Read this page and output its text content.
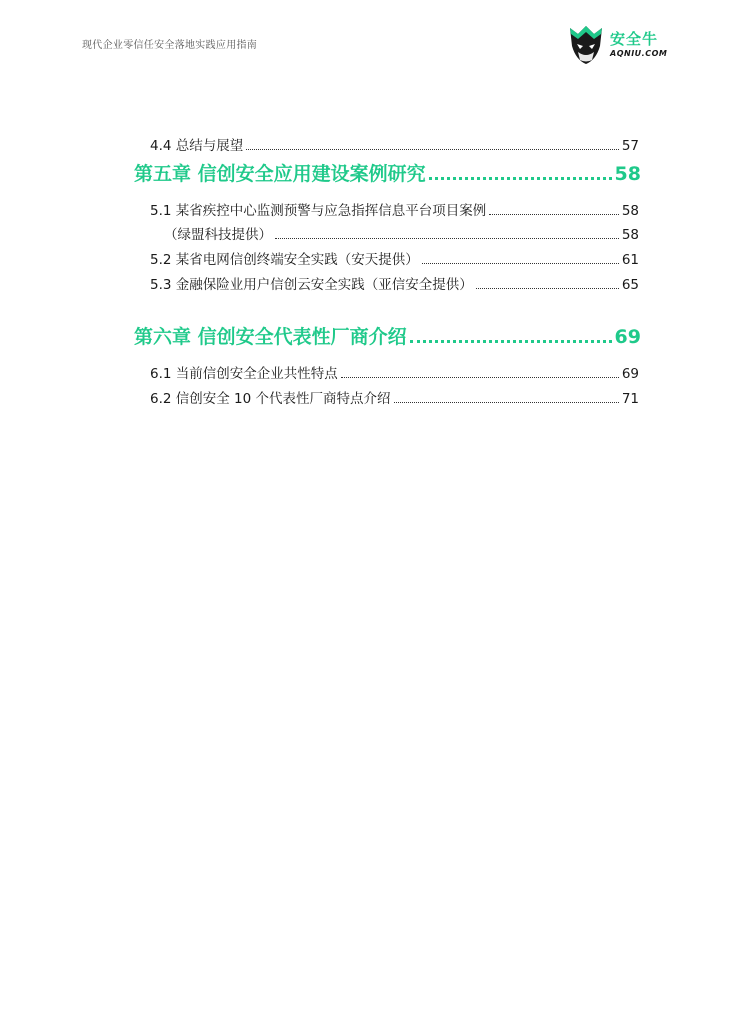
现代企业零信任安全落地实践应用指南	安全牛
AQNIU.COM
4.4 总结与展望	57
第五章 信创安全应用建设案例研究	58
5.1 某省疾控中心监测预警与应急指挥信息平台项目案例	58
（绿盟科技提供）	58
5.2 某省电网信创终端安全实践（安天提供）	61
5.3 金融保险业用户信创云安全实践（亚信安全提供）	65
第六章 信创安全代表性厂商介绍	69
6.1 当前信创安全企业共性特点	69
6.2 信创安全 10 个代表性厂商特点介绍	71
